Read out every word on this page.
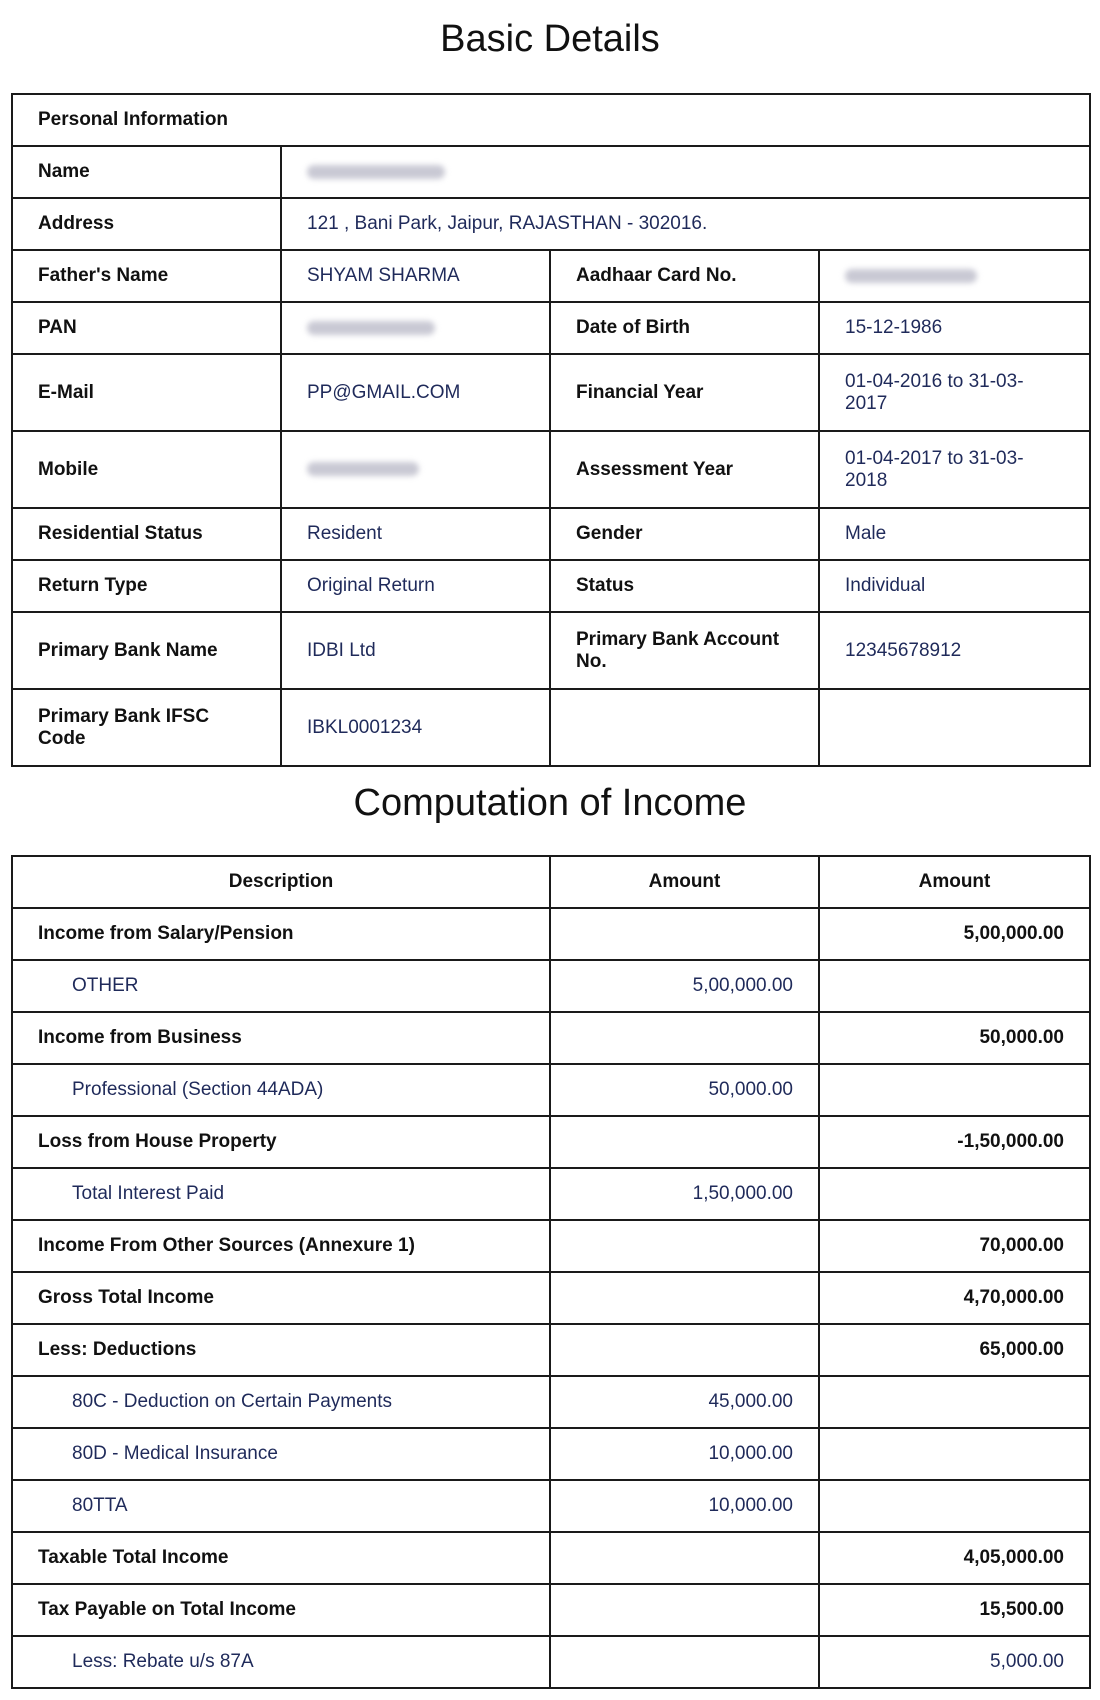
Basic Details
Personal Information			
Name			
Address	121 , Bani Park, Jaipur, RAJASTHAN - 302016.		
Father's Name	SHYAM SHARMA	Aadhaar Card No.	
PAN		Date of Birth	15-12-1986
E-Mail	PP@GMAIL.COM	Financial Year	01-04-2016 to 31-03-2017
Mobile		Assessment Year	01-04-2017 to 31-03-2018
Residential Status	Resident	Gender	Male
Return Type	Original Return	Status	Individual
Primary Bank Name	IDBI Ltd	Primary Bank Account No.	12345678912
Primary Bank IFSC Code	IBKL0001234		
Computation of Income
Description	Amount	Amount
Income from Salary/Pension		5,00,000.00
OTHER	5,00,000.00	
Income from Business		50,000.00
Professional (Section 44ADA)	50,000.00	
Loss from House Property		-1,50,000.00
Total Interest Paid	1,50,000.00	
Income From Other Sources (Annexure 1)		70,000.00
Gross Total Income		4,70,000.00
Less: Deductions		65,000.00
80C - Deduction on Certain Payments	45,000.00	
80D - Medical Insurance	10,000.00	
80TTA	10,000.00	
Taxable Total Income		4,05,000.00
Tax Payable on Total Income		15,500.00
Less: Rebate u/s 87A		5,000.00
